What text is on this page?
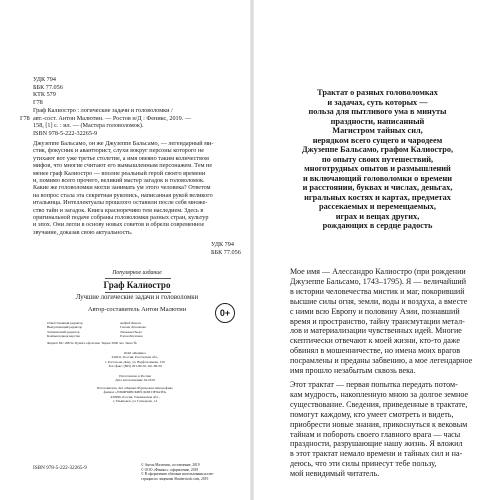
УДК 794
ББК 77.056
КТК 579
Г78
Граф Калиостро : логические задачи и головоломки /
Г78 авт.-сост. Антон Малютин. — Ростов н/Д : Феникс, 2019. —
158, [1] с. : ил. — (Мастера головоломок).
ISBN 978-5-222-32265-9
Джузеппе Бальсамо, он же Джузеппе Бальсамо, — легендарный ми-
стик, фокусник и авантюрист, слухи вокруг персоны которого не
утихают вот уже третье столетие, а имя овеяно таким количеством
мифов, что многие считают его вымышленным персонажем. Тем не
менее граф Калиостро — вполне реальный герой своего времени
и, помимо всего прочего, великий мастер загадок и головоломок.
Какие же головоломки могли занимать ум этого человека? Ответом
на вопрос стала эта секретная рукопись, написанная рукой великого
итальянца. Интеллектуалы прошлого оставили после себя множе-
ство тайн и загадок. Книга красноречиво тем наследием. Здесь в
оригинальной подаче собраны головоломки разных стран, культур
и эпох. Они легли в основу новых советов и обрели современное
звучание, доказав свою актуальность.
УДК 794
ББК 77.056
Популярное издание
Граф Калиостро
Лучшие логические задачи и головоломки
Автор-составитель Антон Малютин	0+
Ответственный редактор
Выпускающий редактор
Технический редактор
Компьютерная верстка
Андрей Бахвич
Галина Логвинова
Татьяна Пылуг
Елена Косикова
Формат 84×108/32. Бумага офсетная. Тираж 3000 экз. Заказ №
ООО «Феникс»
344011, Россия, Ростовская обл.,
г. Ростов-на-Дону, ул. Варфоломеева, 150
Тел./факс: (863) 261-89-50, 261-89-59
Изготовлено в России
Дата изготовления: 04.2019
Изготовитель: АО «Первая Образцовая типография»
филиал «УЛЬЯНОВСКИЙ ДОМ ПЕЧАТИ»
432980, Россия, Ульяновская обл.,
г. Ульяновск, ул. Гончарова, 14
ISBN 978-5-222-32265-9	© Антон Малютин, составление, 2019
© ООО «Феникс»: оформление, 2019
© В оформлении обложки использованы иллю-
страции по лицензии Shutterstock.com, 2019
Трактат о разных головоломках
и задачах, суть которых —
польза для пытливого ума в минуты
праздности, написанный
Магистром тайных сил,
нерядком всего сущего и чародеем
Джузеппе Бальсамо, графом Калиостро,
по опыту своих путешествий,
многотрудных опытов и размышлений
и включающий головоломки о времени
и расстоянии, буквах и числах, деньгах,
игральных костях и картах, предметах
рассекаемых и перемещаемых,
играх и вещах других,
рождающих в сердце радость
Мое имя — Алессандро Калиостро (при рождении
Джузеппе Бальсамо, 1743–1795). Я — величайший
в истории человечества мистик и маг, покоривший
высшие силы огня, земли, воды и воздуха, а вместе
с ними всю Европу и половину Азии, познавший
время и пространство, тайну трансмутации метал-
лов и материализации чувственных идей. Многие
скептически отвечают к моей жизни, кто-то даже
обвинял в мошенничестве, но имена моих врагов
посрамлены и преданы забвению, а мое легендарное
имя прошло незабытым сквозь века.
Этот трактат — первая попытка передать потом-
кам мудрость, накопленную мною за долгое земное
существование. Сведения, приведенные в трактате,
помогут каждому, кто умеет смотреть и видеть,
приобрести новые знания, прикоснуться к вековым
тайнам и побороть своего главного врага — часы
праздности, разрушающие нашу жизнь. Я вложил
в этот трактат немало времени и тайных сил и на-
деюсь, что эти силы принесут тебе пользу,
мой невидимый читатель.
